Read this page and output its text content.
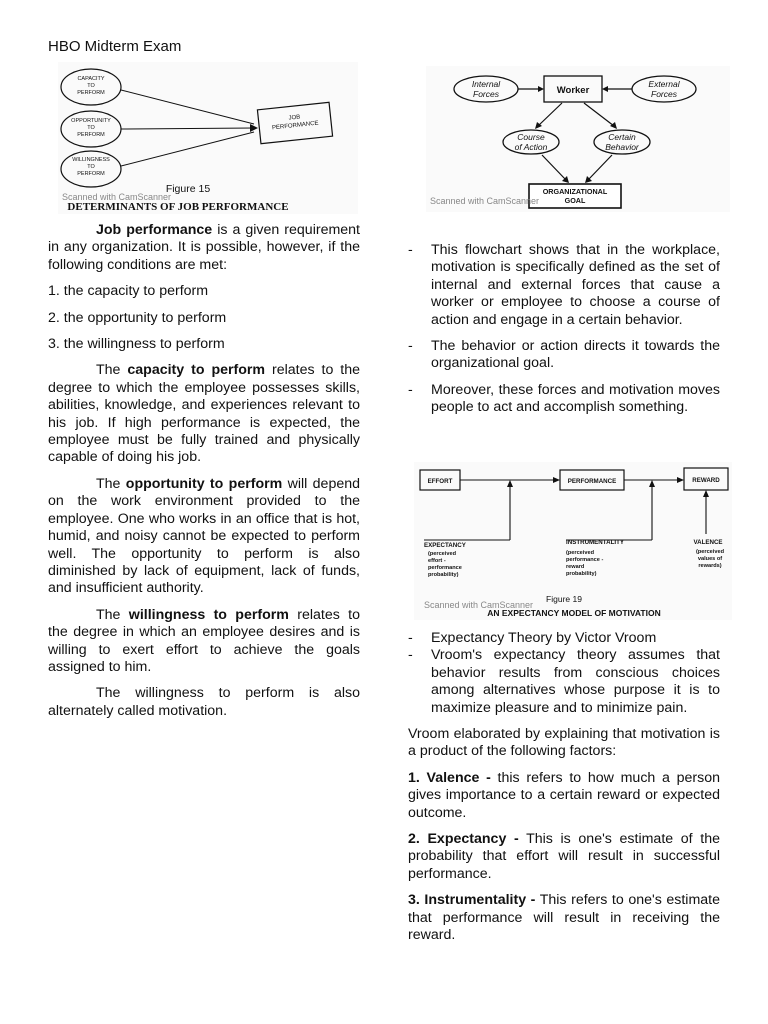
HBO Midterm Exam
CAPACITY
TO
PERFORM
OPPORTUNITY
TO
PERFORM
WILLINGNESS
TO
PERFORM
JOB
PERFORMANCE
Scanned with CamScanner
Figure 15
DETERMINANTS OF JOB PERFORMANCE
Internal
Forces	Worker
External
Forces
Course
of Action
Certain
Behavior
ORGANIZATIONAL
GOAL
Scanned with CamScanner
EFFORT	PERFORMANCE	REWARD
EXPECTANCY
(perceived
effort -
performance
probability)
INSTRUMENTALITY
(perceived
performance -
reward
probability)
VALENCE
(perceived
values of
rewards)
Scanned with CamScanner
Figure 19
AN EXPECTANCY MODEL OF MOTIVATION

Job performance is a given requirement in any organization. It is possible, however, if the following conditions are met:

1. the capacity to perform

2. the opportunity to perform

3. the willingness to perform

The capacity to perform relates to the degree to which the employee possesses skills, abilities, knowledge, and experiences relevant to his job. If high performance is expected, the employee must be fully trained and physically capable of doing his job.

The opportunity to perform will depend on the work environment provided to the employee. One who works in an office that is hot, humid, and noisy cannot be expected to perform well. The opportunity to perform is also diminished by lack of equipment, lack of funds, and insufficient authority.

The willingness to perform relates to the degree in which an employee desires and is willing to exert effort to achieve the goals assigned to him.

The willingness to perform is also alternately called motivation.

- This flowchart shows that in the workplace, motivation is specifically defined as the set of internal and external forces that cause a worker or employee to choose a course of action and engage in a certain behavior.

- The behavior or action directs it towards the organizational goal.

- Moreover, these forces and motivation moves people to act and accomplish something.

- Expectancy Theory by Victor Vroom

- Vroom's expectancy theory assumes that behavior results from conscious choices among alternatives whose purpose it is to maximize pleasure and to minimize pain.

Vroom elaborated by explaining that motivation is a product of the following factors:

1. Valence - this refers to how much a person gives importance to a certain reward or expected outcome.

2. Expectancy - This is one's estimate of the probability that effort will result in successful performance.

3. Instrumentality - This refers to one's estimate that performance will result in receiving the reward.
